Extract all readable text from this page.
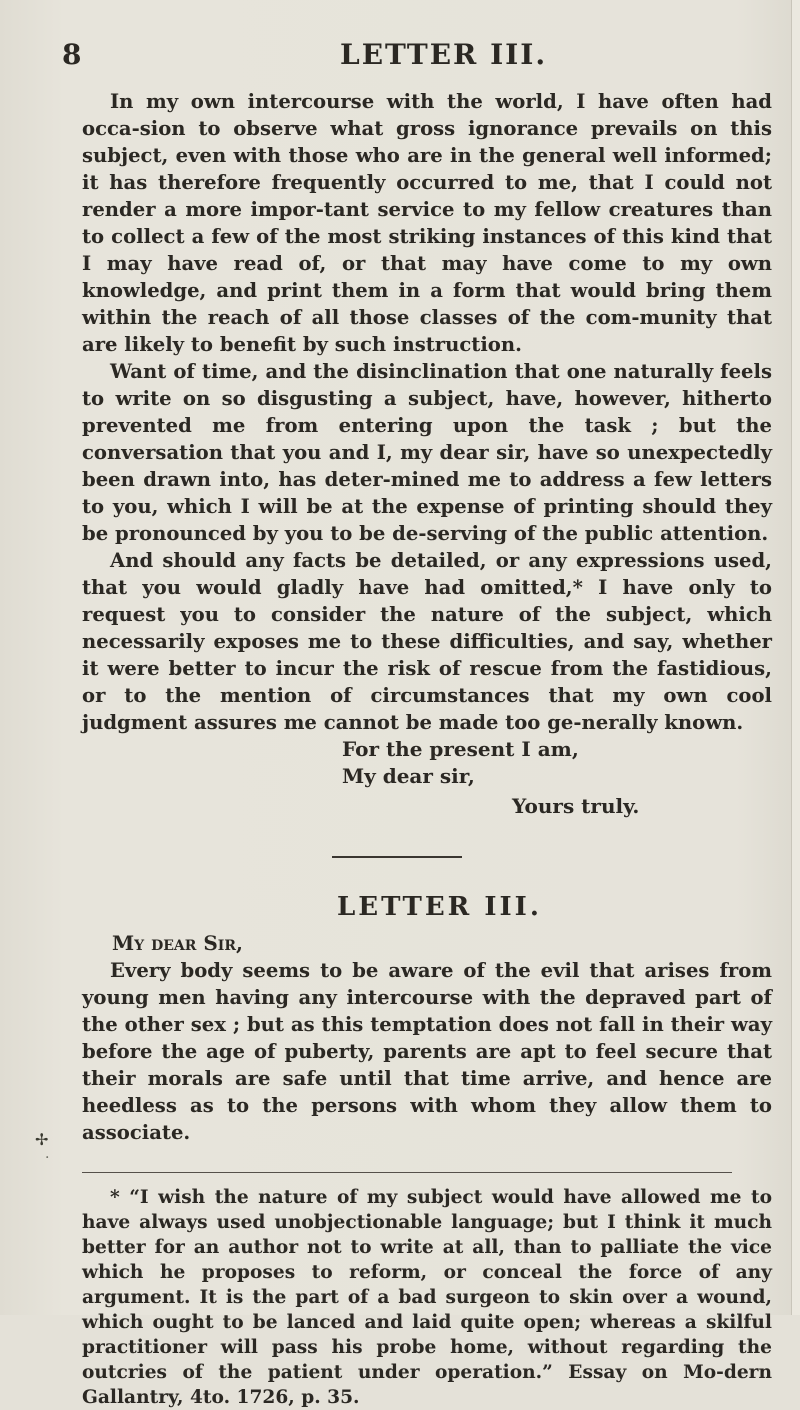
8	LETTER III.

In my own intercourse with the world, I have often had occa-sion to observe what gross ignorance prevails on this subject, even with those who are in the general well informed; it has therefore frequently occurred to me, that I could not render a more impor-tant service to my fellow creatures than to collect a few of the most striking instances of this kind that I may have read of, or that may have come to my own knowledge, and print them in a form that would bring them within the reach of all those classes of the com-munity that are likely to benefit by such instruction.

Want of time, and the disinclination that one naturally feels to write on so disgusting a subject, have, however, hitherto prevented me from entering upon the task ; but the conversation that you and I, my dear sir, have so unexpectedly been drawn into, has deter-mined me to address a few letters to you, which I will be at the expense of printing should they be pronounced by you to be de-serving of the public attention.

And should any facts be detailed, or any expressions used, that you would gladly have had omitted,* I have only to request you to consider the nature of the subject, which necessarily exposes me to these difficulties, and say, whether it were better to incur the risk of rescue from the fastidious, or to the mention of circumstances that my own cool judgment assures me cannot be made too ge-nerally known.

For the present I am,
My dear sir,
Yours truly.
LETTER III.
My dear Sir,

Every body seems to be aware of the evil that arises from young men having any intercourse with the depraved part of the other sex ; but as this temptation does not fall in their way before the age of puberty, parents are apt to feel secure that their morals are safe until that time arrive, and hence are heedless as to the persons with whom they allow them to associate.

* “I wish the nature of my subject would have allowed me to have always used unobjectionable language; but I think it much better for an author not to write at all, than to palliate the vice which he proposes to reform, or conceal the force of any argument. It is the part of a bad surgeon to skin over a wound, which ought to be lanced and laid quite open; whereas a skilful practitioner will pass his probe home, without regarding the outcries of the patient under operation.” Essay on Mo-dern Gallantry, 4to. 1726, p. 35.
✢
·
